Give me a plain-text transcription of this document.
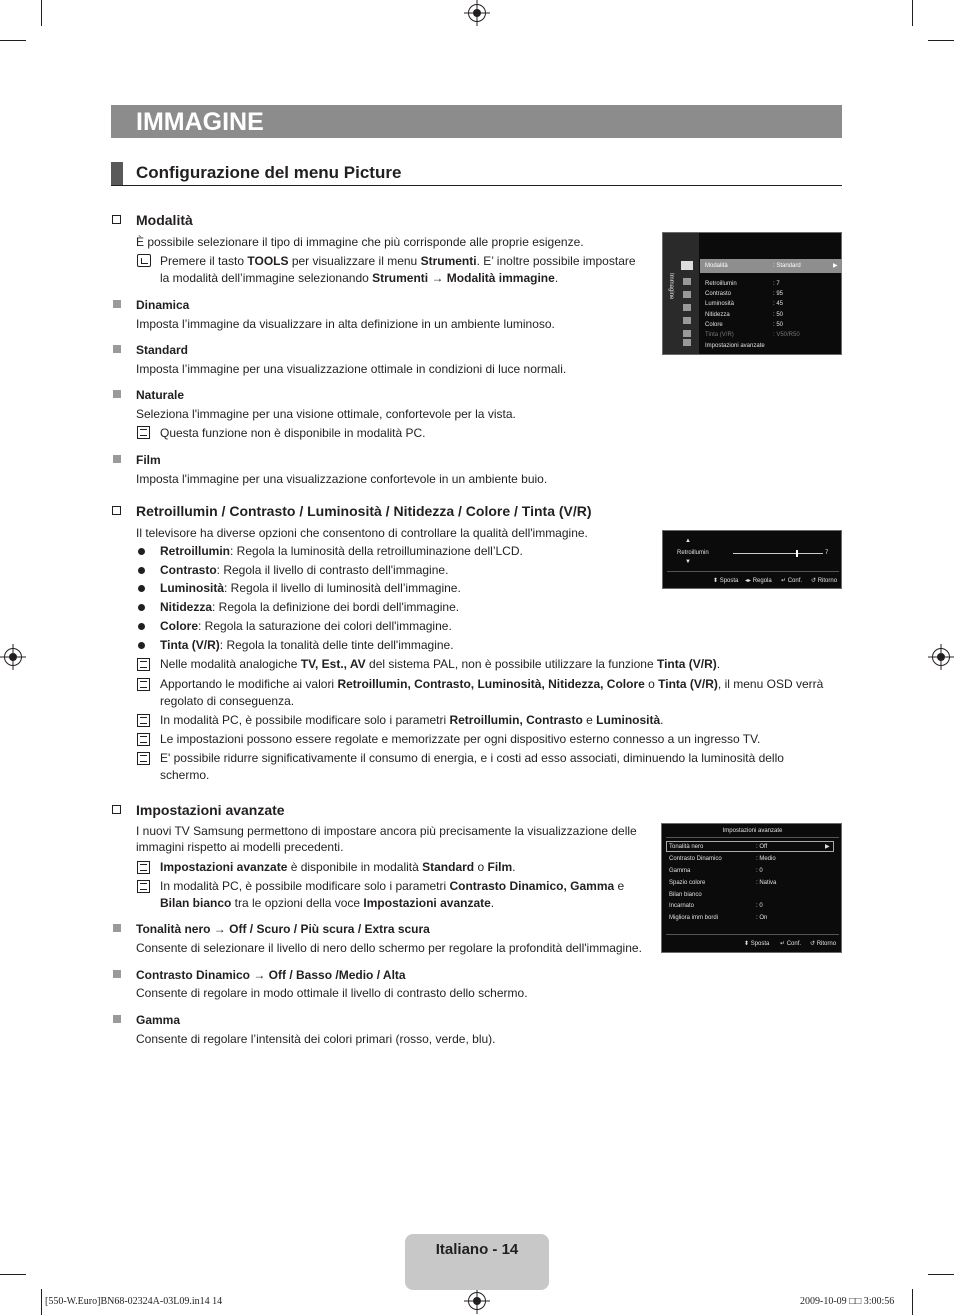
IMMAGINE
Configurazione del menu Picture
Modalità
È possibile selezionare il tipo di immagine che più corrisponde alle proprie esigenze.
Premere il tasto TOOLS per visualizzare il menu Strumenti. E’ inoltre possibile impostare
la modalità dell’immagine selezionando Strumenti → Modalità immagine.
Dinamica
Imposta l’immagine da visualizzare in alta definizione in un ambiente luminoso.
Standard
Imposta l’immagine per una visualizzazione ottimale in condizioni di luce normali.
Naturale
Seleziona l'immagine per una visione ottimale, confortevole per la vista.
Questa funzione non è disponibile in modalità PC.
Film
Imposta l'immagine per una visualizzazione confortevole in un ambiente buio.
Immagine
Modalità	: Standard	▶
Retroillumin	: 7
Contrasto	: 95
Luminosità	: 45
Nitidezza	: 50
Colore	: 50
Tinta (V/R)	: V50/R50
Impostazioni avanzate
Retroillumin / Contrasto / Luminosità / Nitidezza / Colore / Tinta (V/R)
Il televisore ha diverse opzioni che consentono di controllare la qualità dell'immagine.
Retroillumin: Regola la luminosità della retroilluminazione dell’LCD.
Contrasto: Regola il livello di contrasto dell'immagine.
Luminosità: Regola il livello di luminosità dell’immagine.
Nitidezza: Regola la definizione dei bordi dell'immagine.
Colore: Regola la saturazione dei colori dell'immagine.
Tinta (V/R): Regola la tonalità delle tinte dell'immagine.
Nelle modalità analogiche TV, Est., AV del sistema PAL, non è possibile utilizzare la funzione Tinta (V/R).
Apportando le modifiche ai valori Retroillumin, Contrasto, Luminosità, Nitidezza, Colore o Tinta (V/R), il menu OSD verrà
regolato di conseguenza.
In modalità PC, è possibile modificare solo i parametri Retroillumin, Contrasto e Luminosità.
Le impostazioni possono essere regolate e memorizzate per ogni dispositivo esterno connesso a un ingresso TV.
E' possibile ridurre significativamente il consumo di energia, e i costi ad esso associati, diminuendo la luminosità dello
schermo.
▲
Retroillumin
▼
7
⬍ Sposta ◂▸ Regola ↵ Conf. ↺ Ritorno
Impostazioni avanzate
I nuovi TV Samsung permettono di impostare ancora più precisamente la visualizzazione delle
immagini rispetto ai modelli precedenti.
Impostazioni avanzate è disponibile in modalità Standard o Film.
In modalità PC, è possibile modificare solo i parametri Contrasto Dinamico, Gamma e
Bilan bianco tra le opzioni della voce Impostazioni avanzate.
Tonalità nero → Off / Scuro / Più scura / Extra scura
Consente di selezionare il livello di nero dello schermo per regolare la profondità dell'immagine.
Contrasto Dinamico → Off / Basso /Medio / Alta
Consente di regolare in modo ottimale il livello di contrasto dello schermo.
Gamma
Consente di regolare l’intensità dei colori primari (rosso, verde, blu).
Impostazioni avanzate
Tonalità nero	: Off	▶
Contrasto Dinamico	: Medio
Gamma	: 0
Spazio colore	: Nativa
Bilan bianco
Incarnato	: 0
Migliora imm bordi	: On
⬍ Sposta ↵ Conf. ↺ Ritorno
Italiano - 14
[550-W.Euro]BN68-02324A-03L09.in14 14	2009-10-09 □□ 3:00:56
